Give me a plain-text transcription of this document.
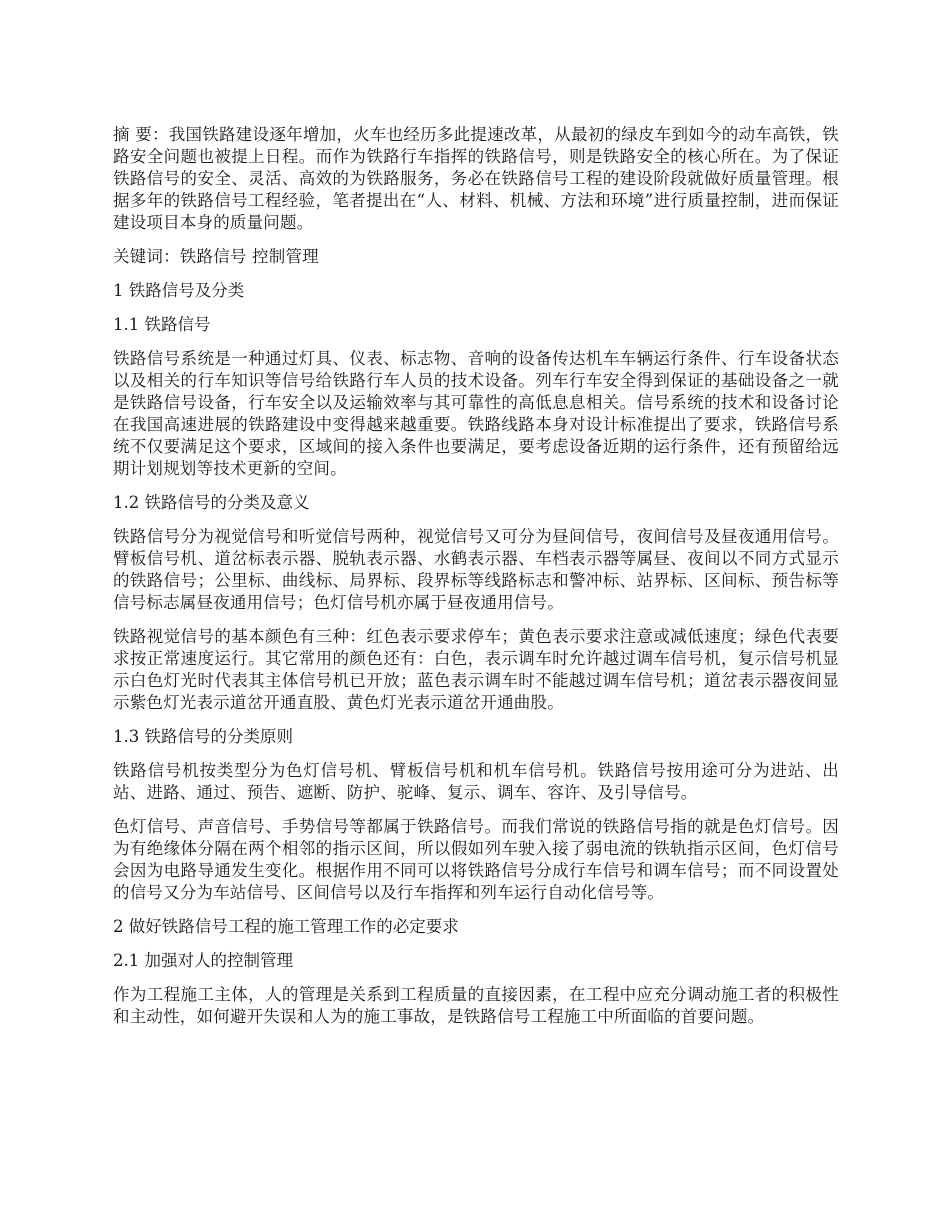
摘 要：我国铁路建设逐年增加，火车也经历多此提速改革，从最初的绿皮车到如今的动车高铁，铁路安全问题也被提上日程。而作为铁路行车指挥的铁路信号，则是铁路安全的核心所在。为了保证铁路信号的安全、灵活、高效的为铁路服务，务必在铁路信号工程的建设阶段就做好质量管理。根据多年的铁路信号工程经验，笔者提出在“人、材料、机械、方法和环境”进行质量控制，进而保证建设项目本身的质量问题。

关键词：铁路信号 控制管理

1 铁路信号及分类

1.1 铁路信号

铁路信号系统是一种通过灯具、仪表、标志物、音响的设备传达机车车辆运行条件、行车设备状态以及相关的行车知识等信号给铁路行车人员的技术设备。列车行车安全得到保证的基础设备之一就是铁路信号设备，行车安全以及运输效率与其可靠性的高低息息相关。信号系统的技术和设备讨论在我国高速进展的铁路建设中变得越来越重要。铁路线路本身对设计标准提出了要求，铁路信号系统不仅要满足这个要求，区域间的接入条件也要满足，要考虑设备近期的运行条件，还有预留给远期计划规划等技术更新的空间。

1.2 铁路信号的分类及意义

铁路信号分为视觉信号和听觉信号两种，视觉信号又可分为昼间信号，夜间信号及昼夜通用信号。臂板信号机、道岔标表示器、脱轨表示器、水鹤表示器、车档表示器等属昼、夜间以不同方式显示的铁路信号；公里标、曲线标、局界标、段界标等线路标志和警冲标、站界标、区间标、预告标等信号标志属昼夜通用信号；色灯信号机亦属于昼夜通用信号。

铁路视觉信号的基本颜色有三种：红色表示要求停车；黄色表示要求注意或减低速度；绿色代表要求按正常速度运行。其它常用的颜色还有：白色，表示调车时允许越过调车信号机，复示信号机显示白色灯光时代表其主体信号机已开放；蓝色表示调车时不能越过调车信号机；道岔表示器夜间显示紫色灯光表示道岔开通直股、黄色灯光表示道岔开通曲股。

1.3 铁路信号的分类原则

铁路信号机按类型分为色灯信号机、臂板信号机和机车信号机。铁路信号按用途可分为进站、出站、进路、通过、预告、遮断、防护、驼峰、复示、调车、容许、及引导信号。

色灯信号、声音信号、手势信号等都属于铁路信号。而我们常说的铁路信号指的就是色灯信号。因为有绝缘体分隔在两个相邻的指示区间，所以假如列车驶入接了弱电流的铁轨指示区间，色灯信号会因为电路导通发生变化。根据作用不同可以将铁路信号分成行车信号和调车信号；而不同设置处的信号又分为车站信号、区间信号以及行车指挥和列车运行自动化信号等。

2 做好铁路信号工程的施工管理工作的必定要求

2.1 加强对人的控制管理

作为工程施工主体，人的管理是关系到工程质量的直接因素，在工程中应充分调动施工者的积极性和主动性，如何避开失误和人为的施工事故，是铁路信号工程施工中所面临的首要问题。
